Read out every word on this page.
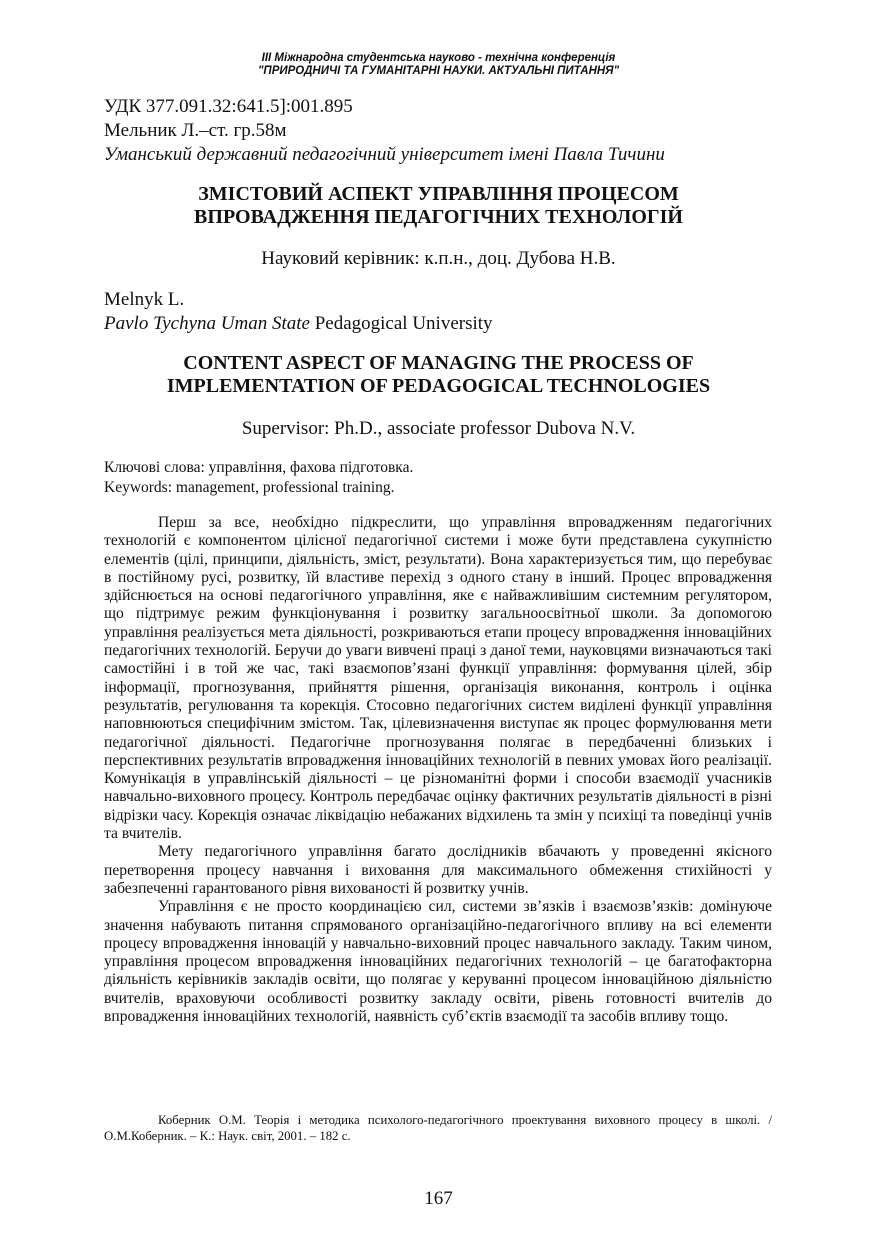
ІІІ Міжнародна студентська науково - технічна конференція
"ПРИРОДНИЧІ ТА ГУМАНІТАРНІ НАУКИ. АКТУАЛЬНІ ПИТАННЯ"
УДК 377.091.32:641.5]:001.895
Мельник Л.–ст. гр.58м
Уманський державний педагогічний університет імені Павла Тичини
ЗМІСТОВИЙ АСПЕКТ УПРАВЛІННЯ ПРОЦЕСОМ
ВПРОВАДЖЕННЯ ПЕДАГОГІЧНИХ ТЕХНОЛОГІЙ
Науковий керівник: к.п.н., доц. Дубова Н.В.
Melnyk L.
Pavlo Tychyna Uman State Pedagogical University
CONTENT ASPECT OF MANAGING THE PROCESS OF
IMPLEMENTATION OF PEDAGOGICAL TECHNOLOGIES
Supervisor: Ph.D., associate professor Dubova N.V.
Ключові слова: управління, фахова підготовка.
Keywords: management, professional training.

Перш за все, необхідно підкреслити, що управління впровадженням педагогічних технологій є компонентом цілісної педагогічної системи і може бути представлена сукупністю елементів (цілі, принципи, діяльність, зміст, результати). Вона характеризується тим, що перебуває в постійному русі, розвитку, їй властиве перехід з одного стану в інший. Процес впровадження здійснюється на основі педагогічного управління, яке є найважливішим системним регулятором, що підтримує режим функціонування і розвитку загальноосвітньої школи. За допомогою управління реалізується мета діяльності, розкриваються етапи процесу впровадження інноваційних педагогічних технологій. Беручи до уваги вивчені праці з даної теми, науковцями визначаються такі самостійні і в той же час, такі взаємопов’язані функції управління: формування цілей, збір інформації, прогнозування, прийняття рішення, організація виконання, контроль і оцінка результатів, регулювання та корекція. Стосовно педагогічних систем виділені функції управління наповнюються специфічним змістом. Так, цілевизначення виступає як процес формулювання мети педагогічної діяльності. Педагогічне прогнозування полягає в передбаченні близьких і перспективних результатів впровадження інноваційних технологій в певних умовах його реалізації. Комунікація в управлінській діяльності – це різноманітні форми і способи взаємодії учасників навчально-виховного процесу. Контроль передбачає оцінку фактичних результатів діяльності в різні відрізки часу. Корекція означає ліквідацію небажаних відхилень та змін у психіці та поведінці учнів та вчителів.

Мету педагогічного управління багато дослідників вбачають у проведенні якісного перетворення процесу навчання і виховання для максимального обмеження стихійності у забезпеченні гарантованого рівня вихованості й розвитку учнів.

Управління є не просто координацією сил, системи зв’язків і взаємозв’язків: домінуюче значення набувають питання спрямованого організаційно-педагогічного впливу на всі елементи процесу впровадження інновацій у навчально-виховний процес навчального закладу. Таким чином, управління процесом впровадження інноваційних педагогічних технологій – це багатофакторна діяльність керівників закладів освіти, що полягає у керуванні процесом інноваційною діяльністю вчителів, враховуючи особливості розвитку закладу освіти, рівень готовності вчителів до впровадження інноваційних технологій, наявність суб’єктів взаємодії та засобів впливу тощо.

Коберник О.М. Теорія і методика психолого-педагогічного проектування виховного процесу в школі. / О.М.Коберник. – К.: Наук. світ, 2001. – 182 с.
167
